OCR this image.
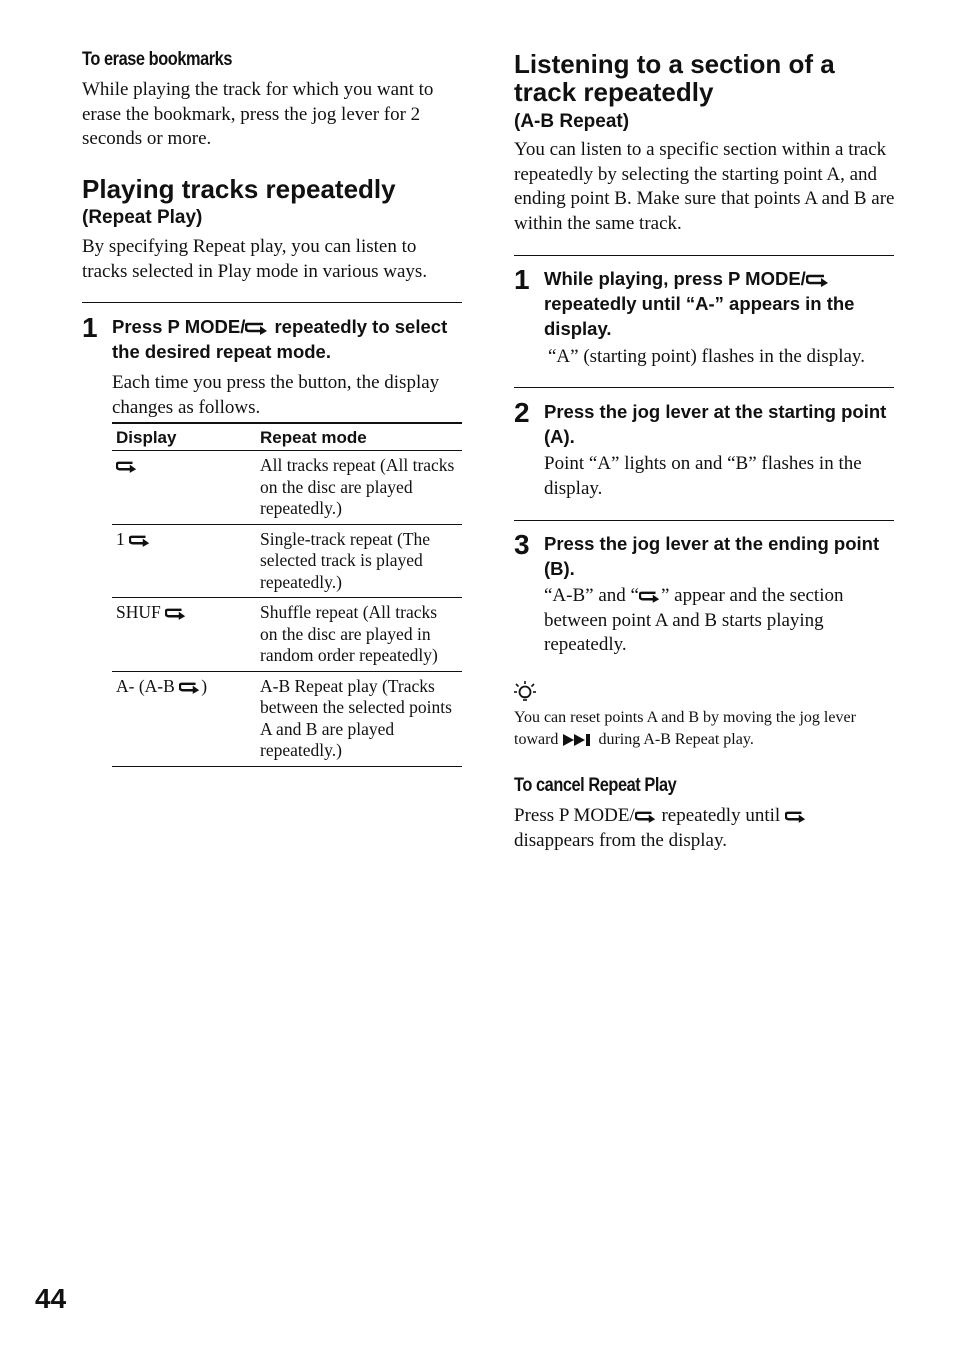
To erase bookmarks
While playing the track for which you want to erase the bookmark, press the jog lever for 2 seconds or more.
Playing tracks repeatedly
(Repeat Play)
By specifying Repeat play, you can listen to tracks selected in Play mode in various ways.
1 Press P MODE/ repeatedly to select the desired repeat mode.
Each time you press the button, the display changes as follows.
Display	Repeat mode
	All tracks repeat (All tracks on the disc are played repeatedly.)
1	Single-track repeat (The selected track is played repeatedly.)
SHUF	Shuffle repeat (All tracks on the disc are played in random order repeatedly)
A- (A-B )	A-B Repeat play (Tracks between the selected points A and B are played repeatedly.)
Listening to a section of a track repeatedly
(A-B Repeat)
You can listen to a specific section within a track repeatedly by selecting the starting point A, and ending point B. Make sure that points A and B are within the same track.
1 While playing, press P MODE/ repeatedly until “A-” appears in the display.
“A” (starting point) flashes in the display.
2 Press the jog lever at the starting point (A).
Point “A” lights on and “B” flashes in the display.
3 Press the jog lever at the ending point (B).
“A-B” and “ ” appear and the section between point A and B starts playing repeatedly.
You can reset points A and B by moving the jog lever toward  during A-B Repeat play.
To cancel Repeat Play
Press P MODE/ repeatedly until  disappears from the display.
44
